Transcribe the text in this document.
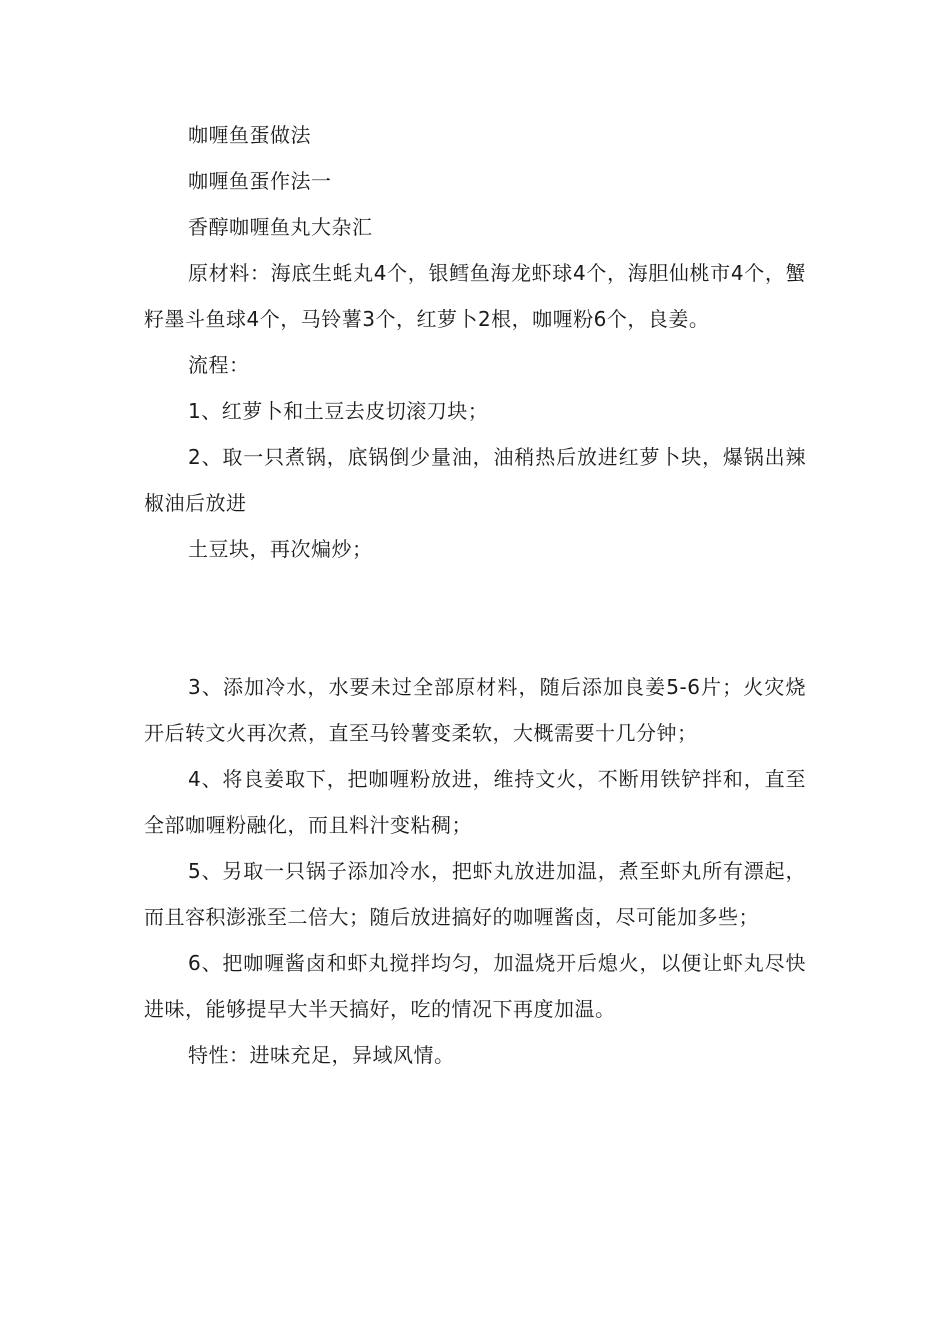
咖喱鱼蛋做法

咖喱鱼蛋作法一

香醇咖喱鱼丸大杂汇

原材料：海底生蚝丸4个，银鳕鱼海龙虾球4个，海胆仙桃市4个，蟹籽墨斗鱼球4个，马铃薯3个，红萝卜2根，咖喱粉6个，良姜。

流程：

1、红萝卜和土豆去皮切滚刀块；

2、取一只煮锅，底锅倒少量油，油稍热后放进红萝卜块，爆锅出辣椒油后放进

土豆块，再次煸炒；

3、添加冷水，水要未过全部原材料，随后添加良姜5-6片；火灾烧开后转文火再次煮，直至马铃薯变柔软，大概需要十几分钟；

4、将良姜取下，把咖喱粉放进，维持文火，不断用铁铲拌和，直至全部咖喱粉融化，而且料汁变粘稠；

5、另取一只锅子添加冷水，把虾丸放进加温，煮至虾丸所有漂起，而且容积澎涨至二倍大；随后放进搞好的咖喱酱卤，尽可能加多些；

6、把咖喱酱卤和虾丸搅拌均匀，加温烧开后熄火，以便让虾丸尽快进味，能够提早大半天搞好，吃的情况下再度加温。

特性：进味充足，异域风情。
